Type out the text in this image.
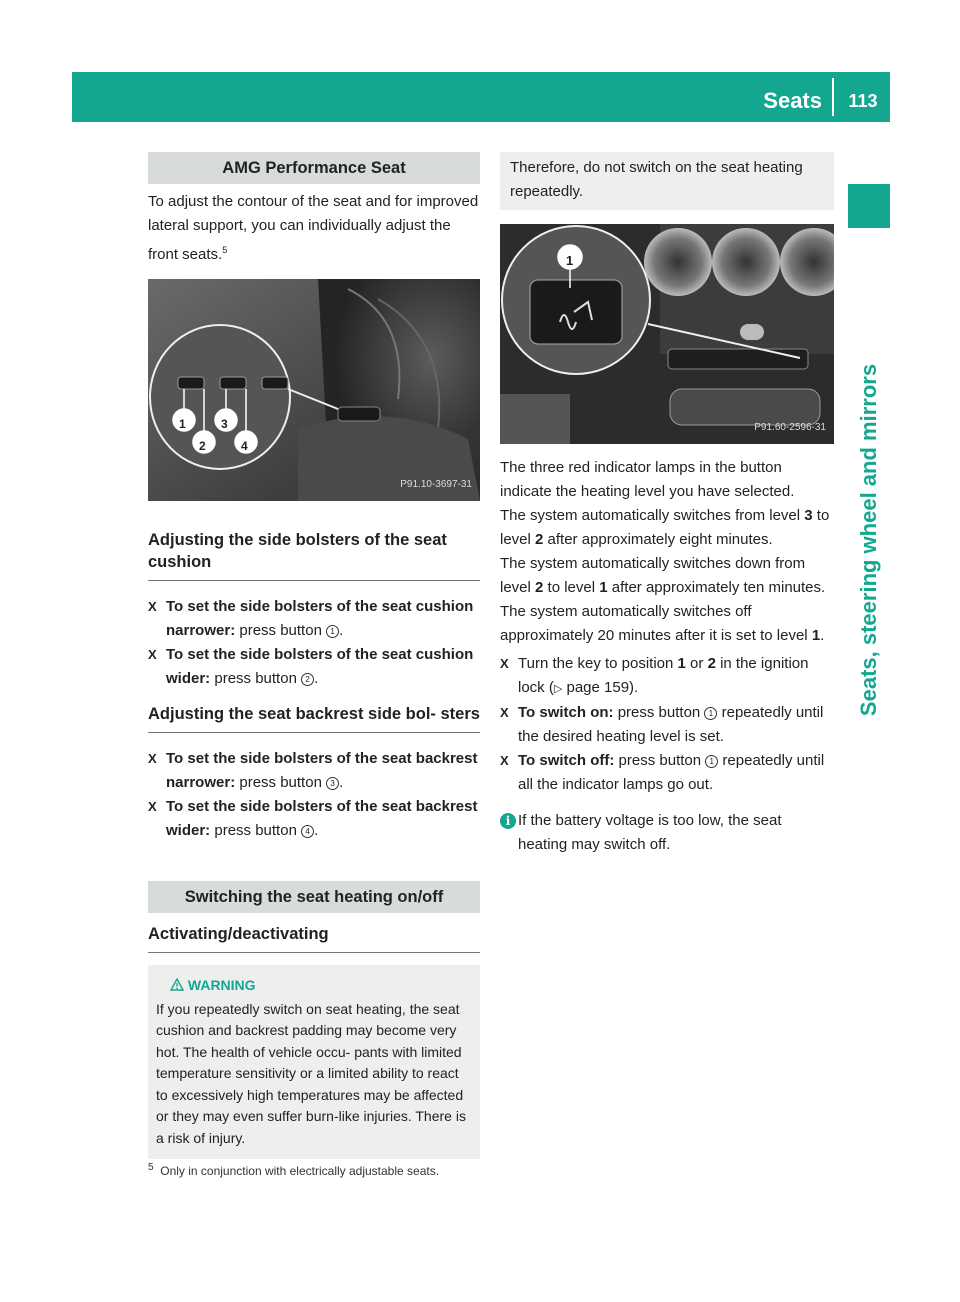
Seats	113
Seats, steering wheel and mirrors
AMG Performance Seat

To adjust the contour of the seat and for improved lateral support, you can individually adjust the front seats.$^5$

1
2
3
4
P91.10-3697-31
Adjusting the side bolsters of the seat cushion
X To set the side bolsters of the seat cushion narrower: press button 1 .
X To set the side bolsters of the seat cushion wider: press button 2 .
Adjusting the seat backrest side bol- sters
X To set the side bolsters of the seat backrest narrower: press button 3 .
X To set the side bolsters of the seat backrest wider: press button 4 .
Switching the seat heating on/off
Activating/deactivating
WARNING

If you repeatedly switch on seat heating, the seat cushion and backrest padding may become very hot. The health of vehicle occu- pants with limited temperature sensitivity or a limited ability to react to excessively high temperatures may be affected or they may even suffer burn-like injuries. There is a risk of injury.

Therefore, do not switch on the seat heating repeatedly.

1
P91.60-2596-31

The three red indicator lamps in the button indicate the heating level you have selected.

The system automatically switches from level 3 to level 2 after approximately eight minutes.

The system automatically switches down from level 2 to level 1 after approximately ten minutes.

The system automatically switches off approximately 20 minutes after it is set to level 1.

X Turn the key to position 1 or 2 in the ignition lock (▷ page 159).
X To switch on: press button 1 repeatedly until the desired heating level is set.
X To switch off: press button 1 repeatedly until all the indicator lamps go out.
i If the battery voltage is too low, the seat heating may switch off.
$^5$ Only in conjunction with electrically adjustable seats.
